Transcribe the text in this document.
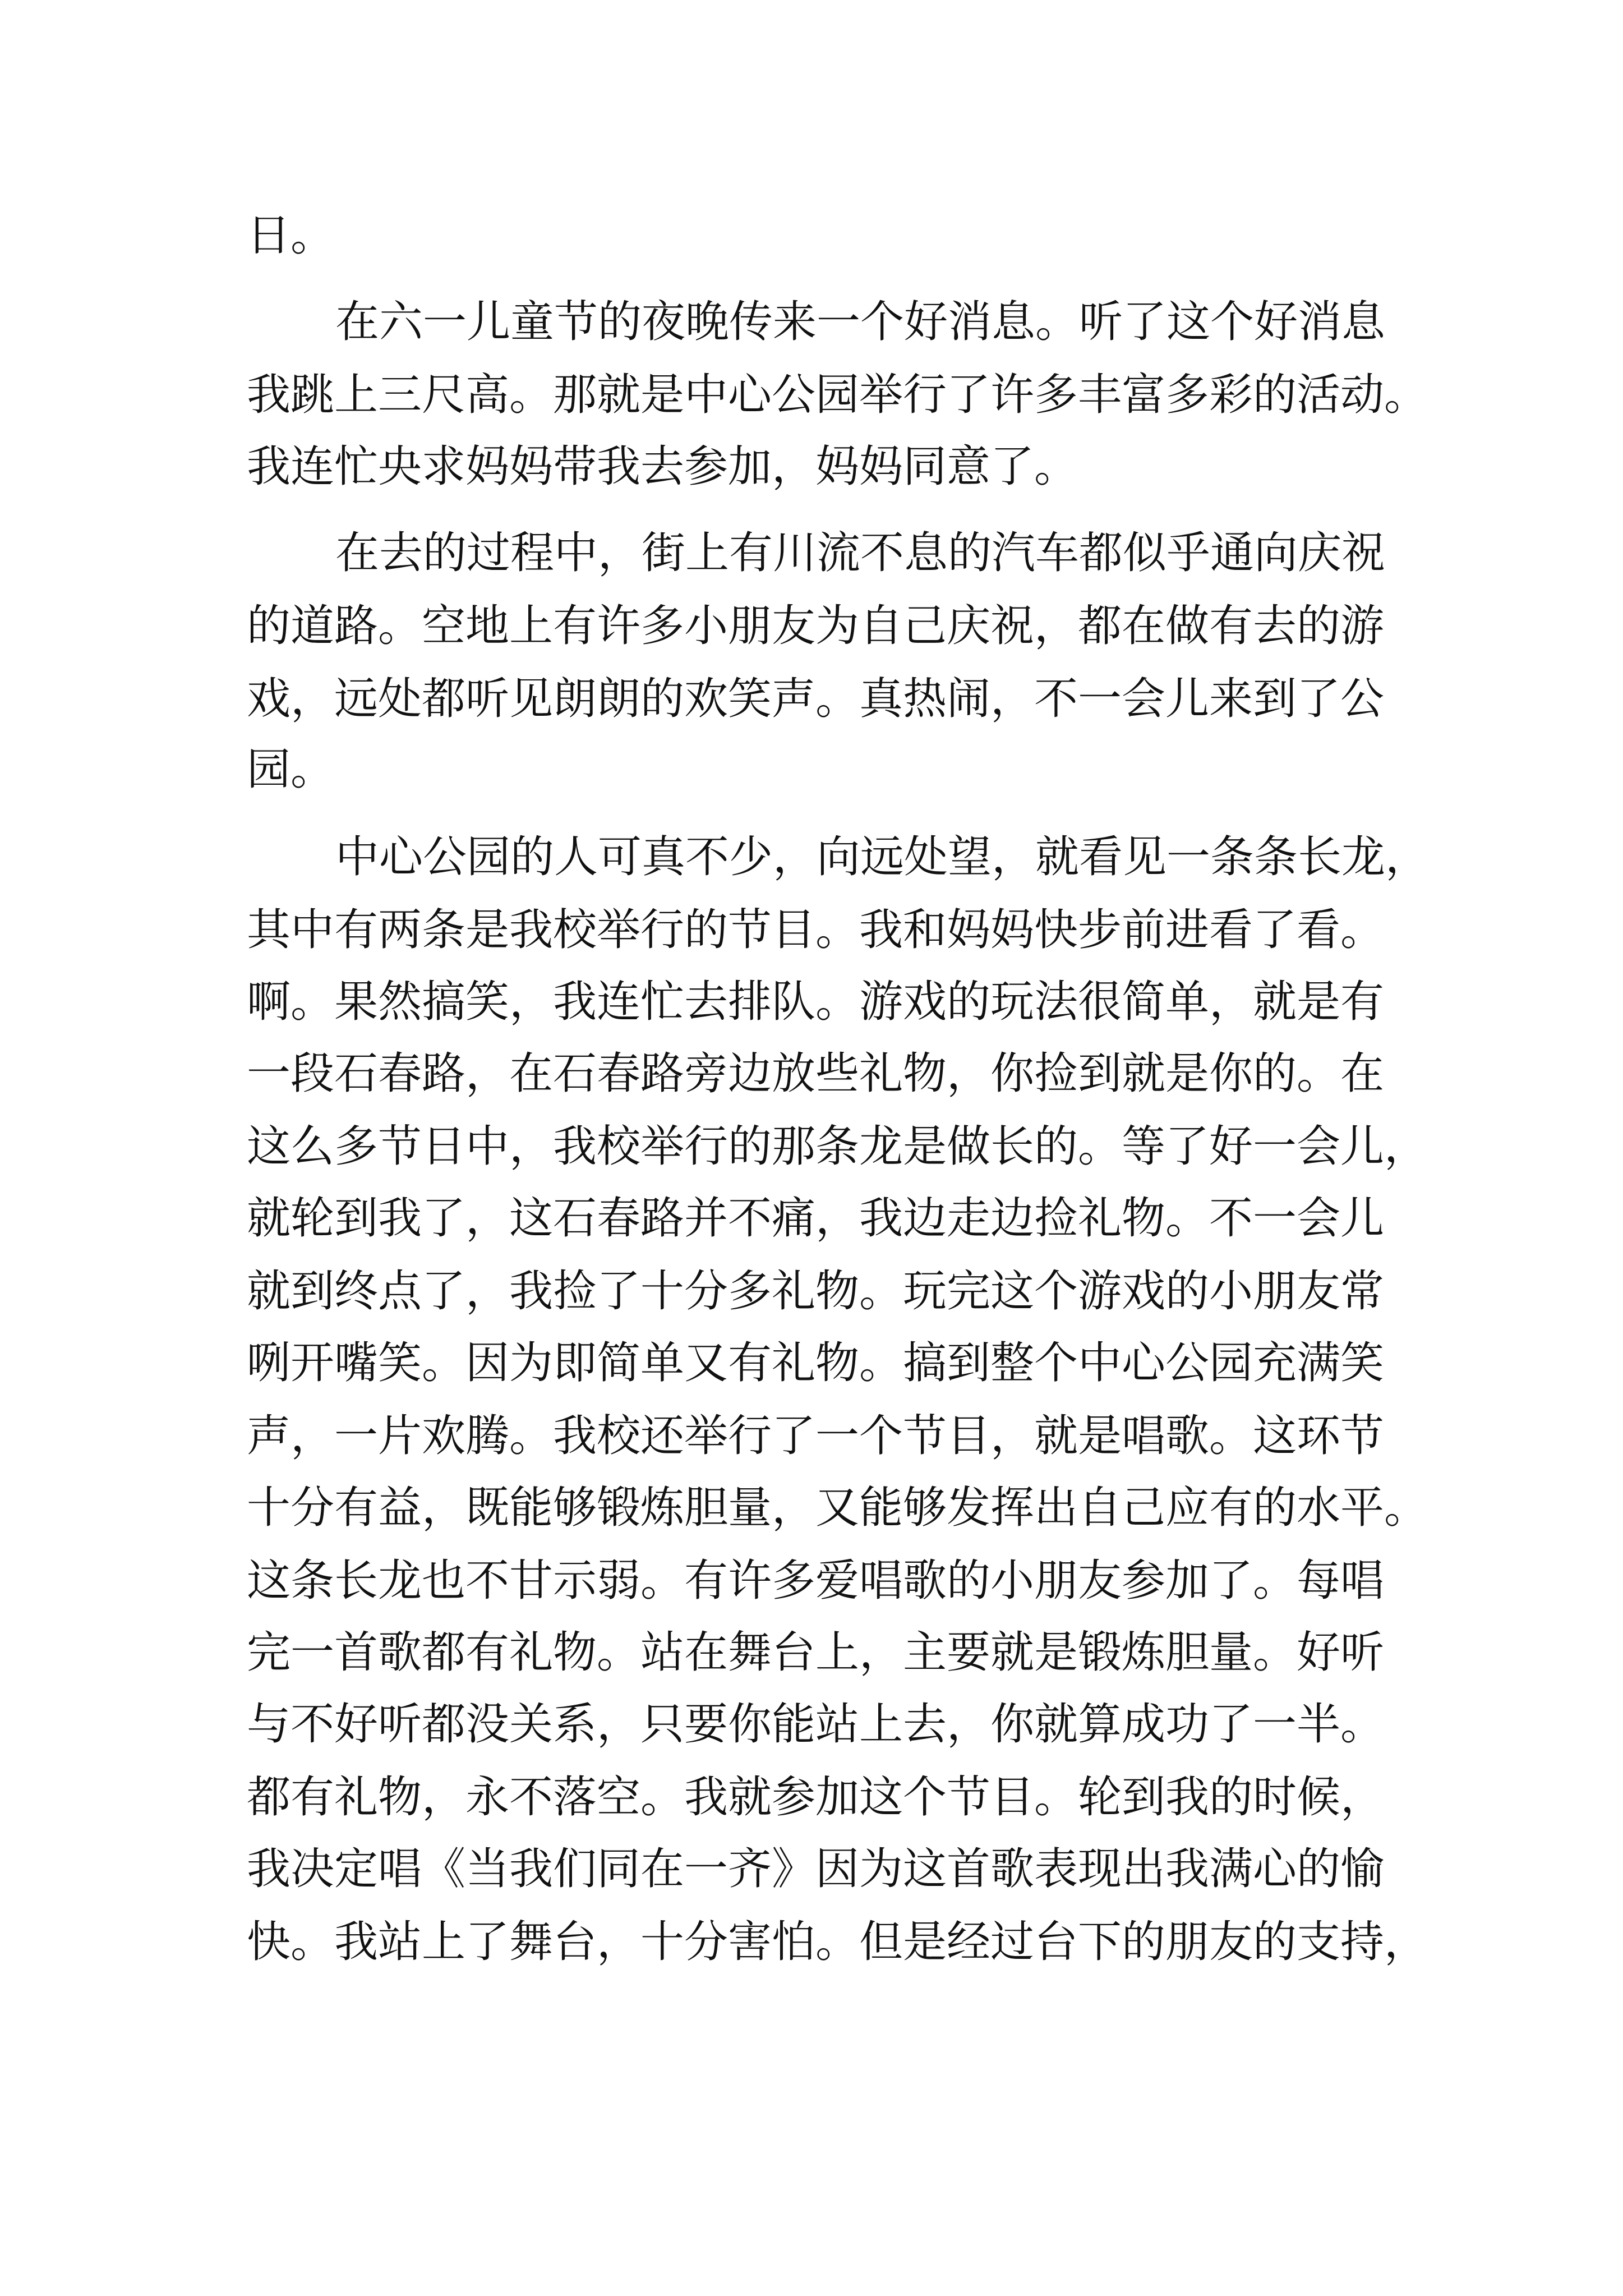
日。
在六一儿童节的夜晚传来一个好消息。听了这个好消息
我跳上三尺高。那就是中心公园举行了许多丰富多彩的活动。
我连忙央求妈妈带我去参加，妈妈同意了。
在去的过程中，街上有川流不息的汽车都似乎通向庆祝
的道路。空地上有许多小朋友为自己庆祝，都在做有去的游
戏，远处都听见朗朗的欢笑声。真热闹，不一会儿来到了公
园。
中心公园的人可真不少，向远处望，就看见一条条长龙，
其中有两条是我校举行的节目。我和妈妈快步前进看了看。
啊。果然搞笑，我连忙去排队。游戏的玩法很简单，就是有
一段石春路，在石春路旁边放些礼物，你捡到就是你的。在
这么多节日中，我校举行的那条龙是做长的。等了好一会儿，
就轮到我了，这石春路并不痛，我边走边捡礼物。不一会儿
就到终点了，我捡了十分多礼物。玩完这个游戏的小朋友常
咧开嘴笑。因为即简单又有礼物。搞到整个中心公园充满笑
声，一片欢腾。我校还举行了一个节目，就是唱歌。这环节
十分有益，既能够锻炼胆量，又能够发挥出自己应有的水平。
这条长龙也不甘示弱。有许多爱唱歌的小朋友参加了。每唱
完一首歌都有礼物。站在舞台上，主要就是锻炼胆量。好听
与不好听都没关系，只要你能站上去，你就算成功了一半。
都有礼物，永不落空。我就参加这个节目。轮到我的时候，
我决定唱《当我们同在一齐》因为这首歌表现出我满心的愉
快。我站上了舞台，十分害怕。但是经过台下的朋友的支持，
